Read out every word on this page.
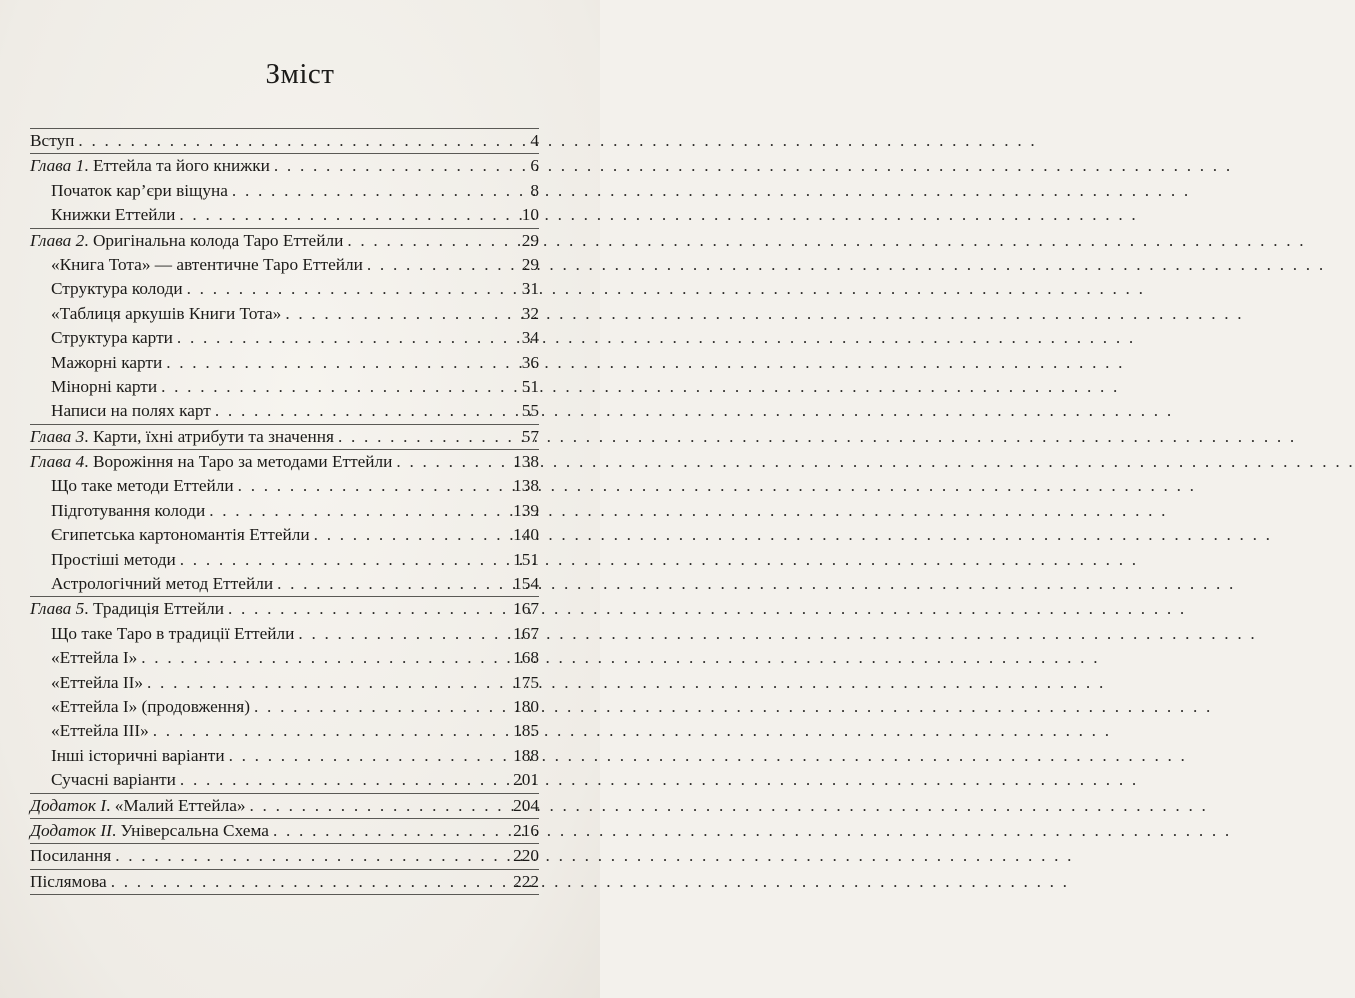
Зміст
Вступ . . .	4
Глава 1. Еттейла та його книжки . . .	6
Початок кар’єри віщуна . . .	8
Книжки Еттейли . . .	10
Глава 2. Оригінальна колода Таро Еттейли . . .	29
«Книга Тота» — автентичне Таро Еттейли . . .	29
Структура колоди . . .	31
«Таблиця аркушів Книги Тота» . . .	32
Структура карти . . .	34
Мажорні карти . . .	36
Мінорні карти . . .	51
Написи на полях карт . . .	55
Глава 3. Карти, їхні атрибути та значення . . .	57
Глава 4. Ворожіння на Таро за методами Еттейли . . .	138
Що таке методи Еттейли . . .	138
Підготування колоди . . .	139
Єгипетська картономантія Еттейли . . .	140
Простіші методи . . .	151
Астрологічний метод Еттейли . . .	154
Глава 5. Традиція Еттейли . . .	167
Що таке Таро в традиції Еттейли . . .	167
«Еттейла I» . . .	168
«Еттейла II» . . .	175
«Еттейла I» (продовження) . . .	180
«Еттейла III» . . .	185
Інші історичні варіанти . . .	188
Сучасні варіанти . . .	201
Додаток I. «Малий Еттейла» . . .	204
Додаток II. Універсальна Схема . . .	216
Посилання . . .	220
Післямова . . .	222
